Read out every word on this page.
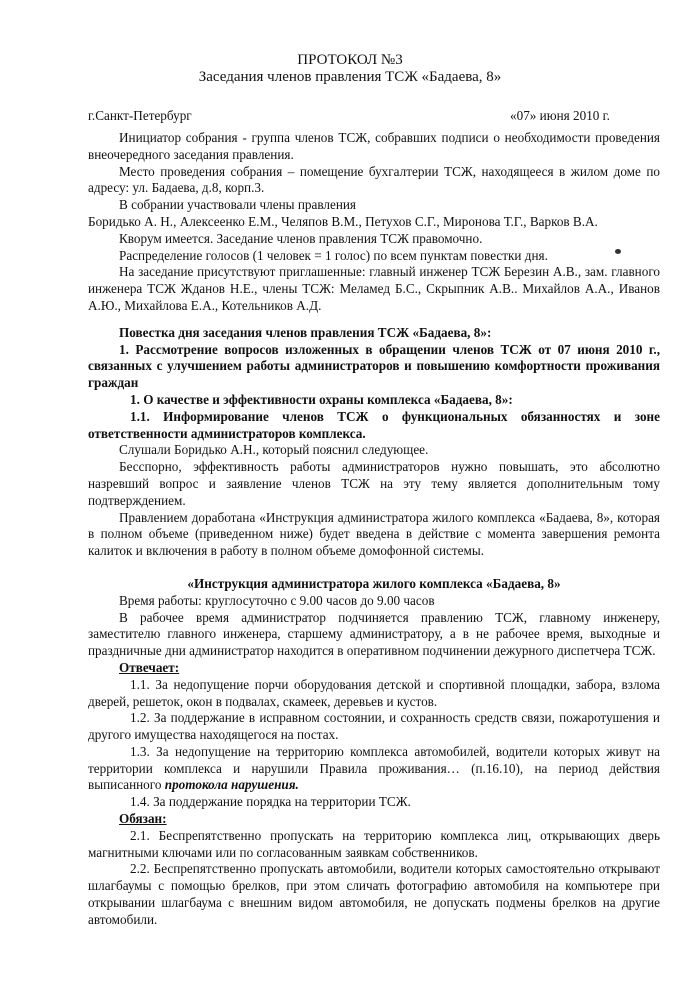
ПРОТОКОЛ №3
Заседания членов правления ТСЖ «Бадаева, 8»
г.Санкт-Петербург	«07» июня 2010 г.

Инициатор собрания - группа членов ТСЖ, собравших подписи о необходимости проведения внеочередного заседания правления.

Место проведения собрания – помещение бухгалтерии ТСЖ, находящееся в жилом доме по адресу: ул. Бадаева, д.8, корп.3.

В собрании участвовали члены правления

Боридько А. Н., Алексеенко Е.М., Челяпов В.М., Петухов С.Г., Миронова Т.Г., Варков В.А.

Кворум имеется. Заседание членов правления ТСЖ правомочно.

Распределение голосов (1 человек = 1 голос) по всем пунктам повестки дня.

На заседание присутствуют приглашенные: главный инженер ТСЖ Березин А.В., зам. главного инженера ТСЖ Жданов Н.Е., члены ТСЖ: Меламед Б.С., Скрыпник А.В.. Михайлов А.А., Иванов А.Ю., Михайлова Е.А., Котельников А.Д.

Повестка дня заседания членов правления ТСЖ «Бадаева, 8»:

1. Рассмотрение вопросов изложенных в обращении членов ТСЖ от 07 июня 2010 г., связанных с улучшением работы администраторов и повышению комфортности проживания граждан

1. О качестве и эффективности охраны комплекса «Бадаева, 8»:

1.1. Информирование членов ТСЖ о функциональных обязанностях и зоне ответственности администраторов комплекса.

Слушали Боридько А.Н., который пояснил следующее.

Бесспорно, эффективность работы администраторов нужно повышать, это абсолютно назревший вопрос и заявление членов ТСЖ на эту тему является дополнительным тому подтверждением.

Правлением доработана «Инструкция администратора жилого комплекса «Бадаева, 8», которая в полном объеме (приведенном ниже) будет введена в действие с момента завершения ремонта калиток и включения в работу в полном объеме домофонной системы.

«Инструкция администратора жилого комплекса «Бадаева, 8»

Время работы: круглосуточно с 9.00 часов до 9.00 часов

В рабочее время администратор подчиняется правлению ТСЖ, главному инженеру, заместителю главного инженера, старшему администратору, а в не рабочее время, выходные и праздничные дни администратор находится в оперативном подчинении дежурного диспетчера ТСЖ.

Отвечает:

1.1. За недопущение порчи оборудования детской и спортивной площадки, забора, взлома дверей, решеток, окон в подвалах, скамеек, деревьев и кустов.

1.2. За поддержание в исправном состоянии, и сохранность средств связи, пожаротушения и другого имущества находящегося на постах.

1.3. За недопущение на территорию комплекса автомобилей, водители которых живут на территории комплекса и нарушили Правила проживания… (п.16.10), на период действия выписанного протокола нарушения.

1.4. За поддержание порядка на территории ТСЖ.

Обязан:

2.1. Беспрепятственно пропускать на территорию комплекса лиц, открывающих дверь магнитными ключами или по согласованным заявкам собственников.

2.2. Беспрепятственно пропускать автомобили, водители которых самостоятельно открывают шлагбаумы с помощью брелков, при этом сличать фотографию автомобиля на компьютере при открывании шлагбаума с внешним видом автомобиля, не допускать подмены брелков на другие автомобили.
